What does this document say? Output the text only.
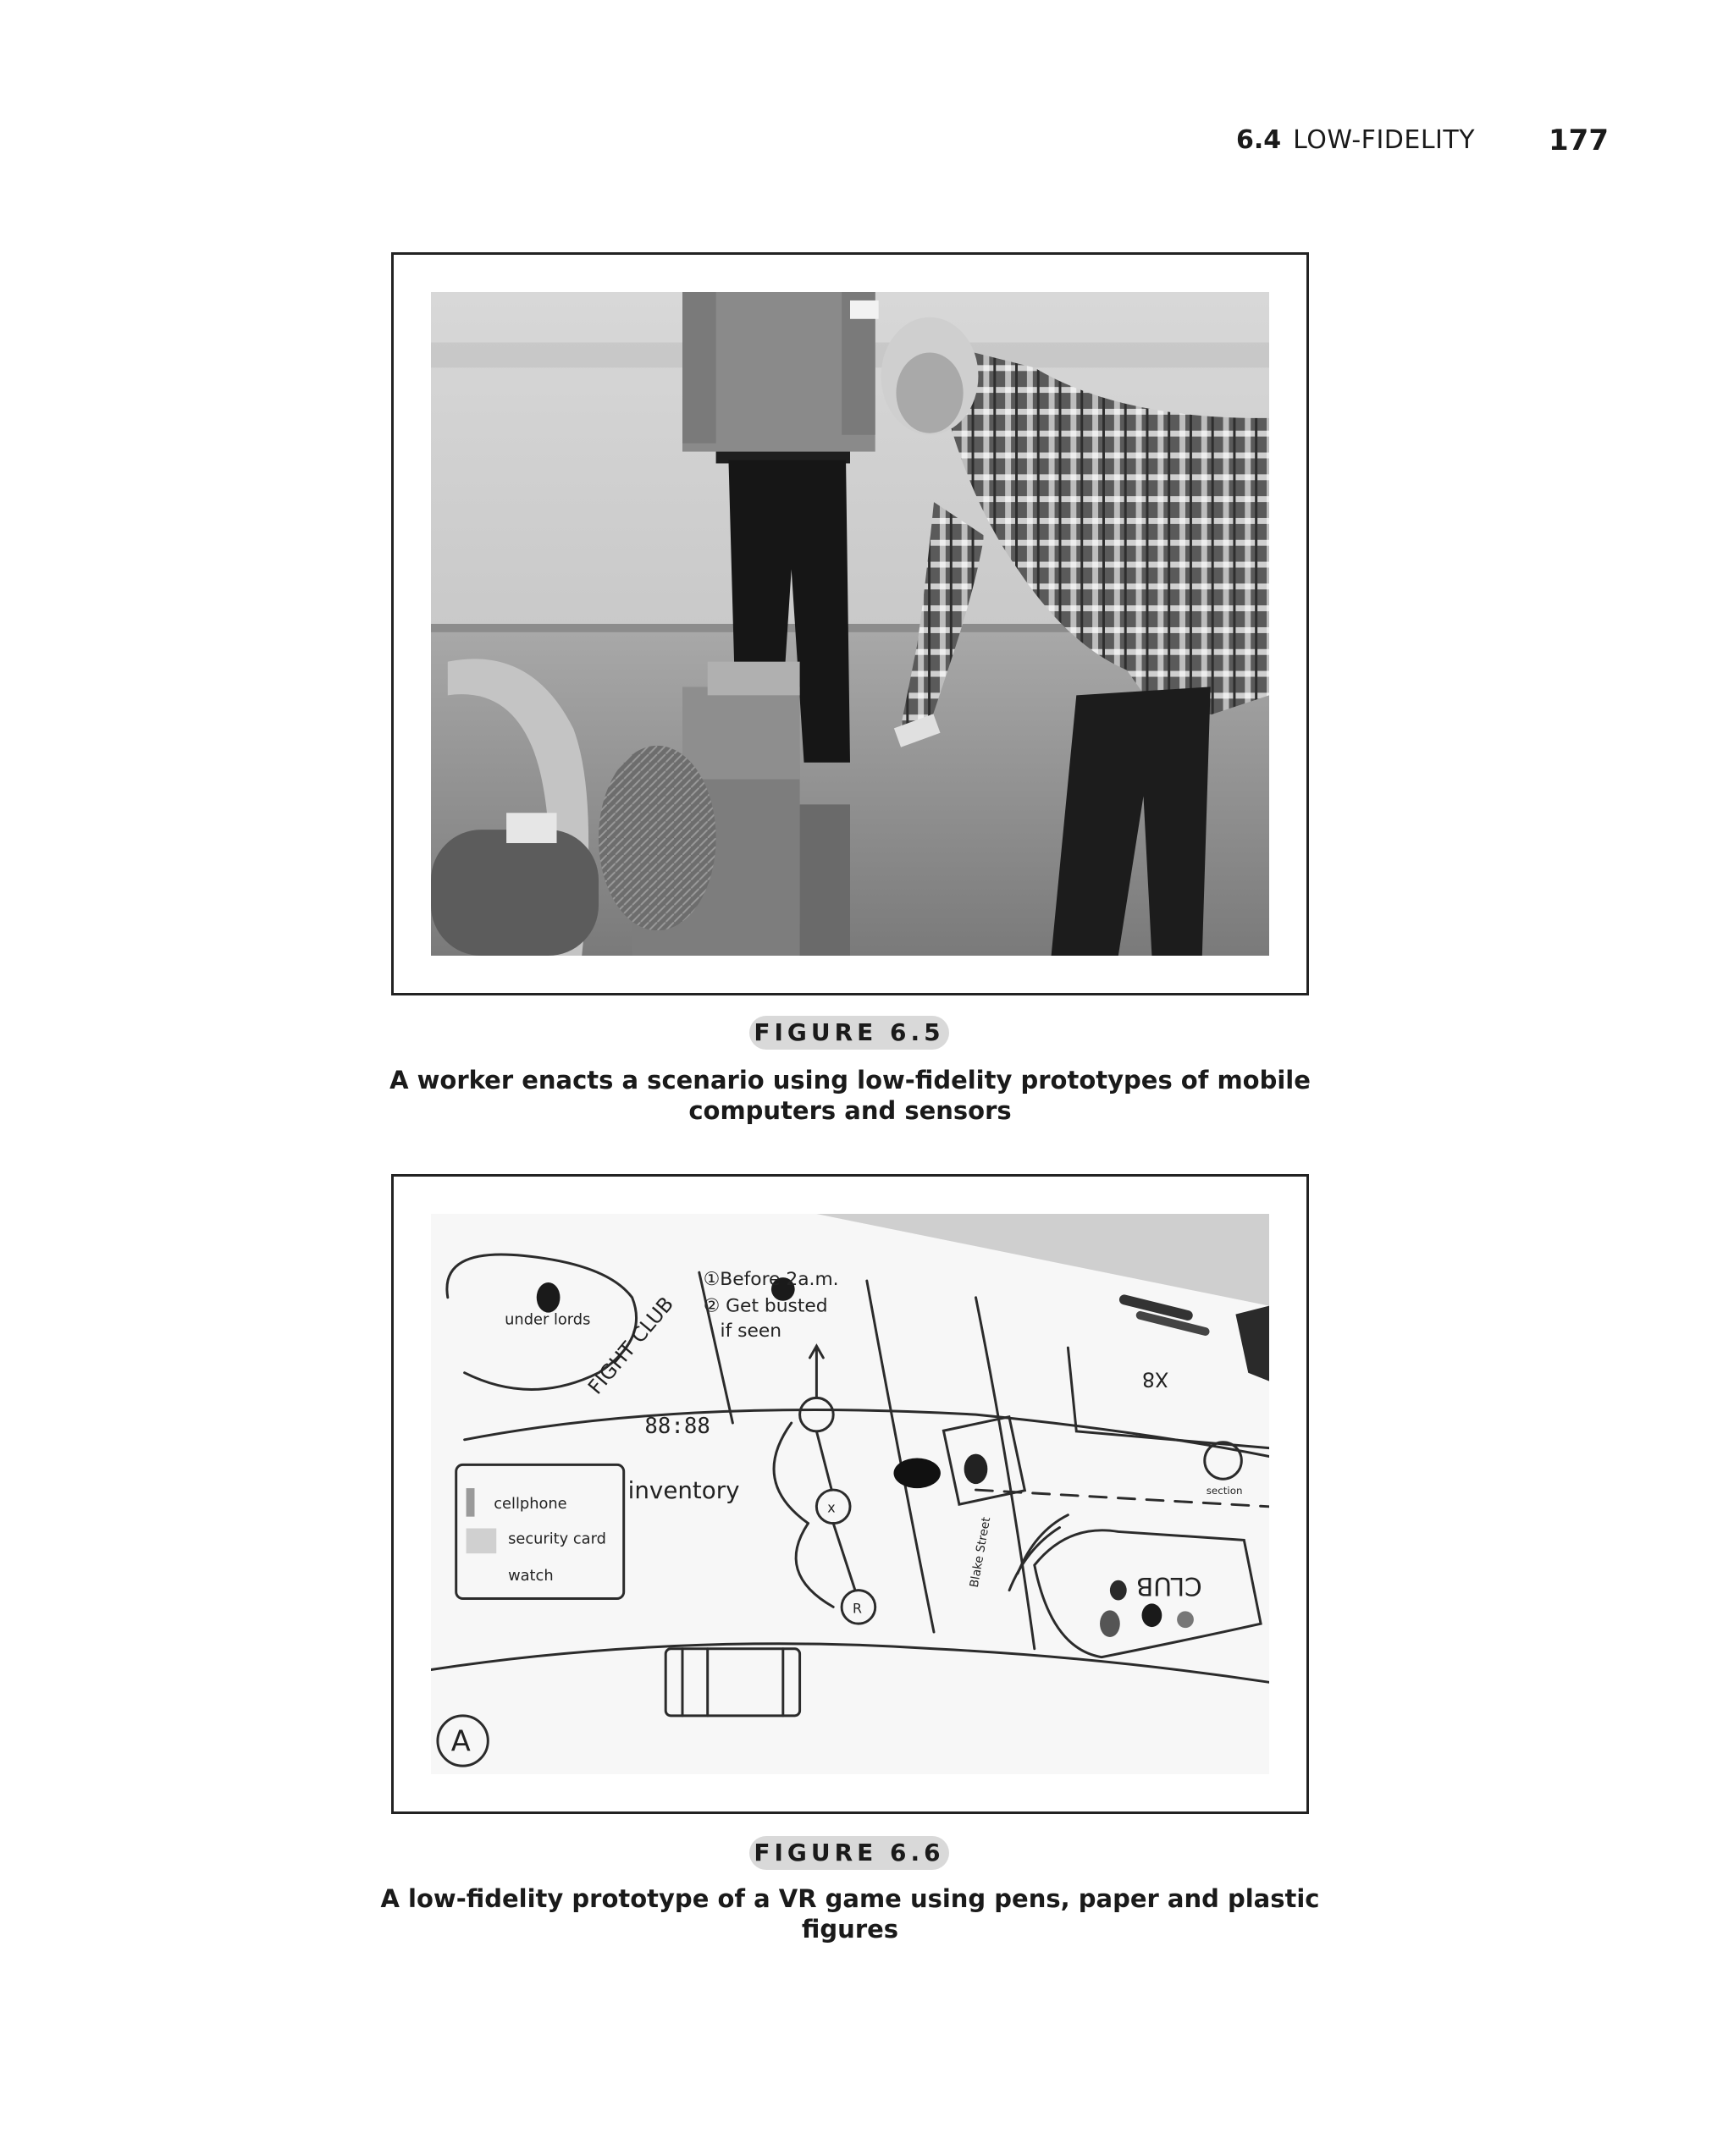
6.4 LOW-FIDELITY	177
FIGURE 6.5
A worker enacts a scenario using low-fidelity prototypes of mobile
computers and sensors
①Before 2a.m.
② Get busted
if seen
under lords
FIGHT CLUB
88:88
inventory
cellphone
security card
watch	CLUB
A
x
R
Blake Street
section
X8
FIGURE 6.6
A low-fidelity prototype of a VR game using pens, paper and plastic figures
